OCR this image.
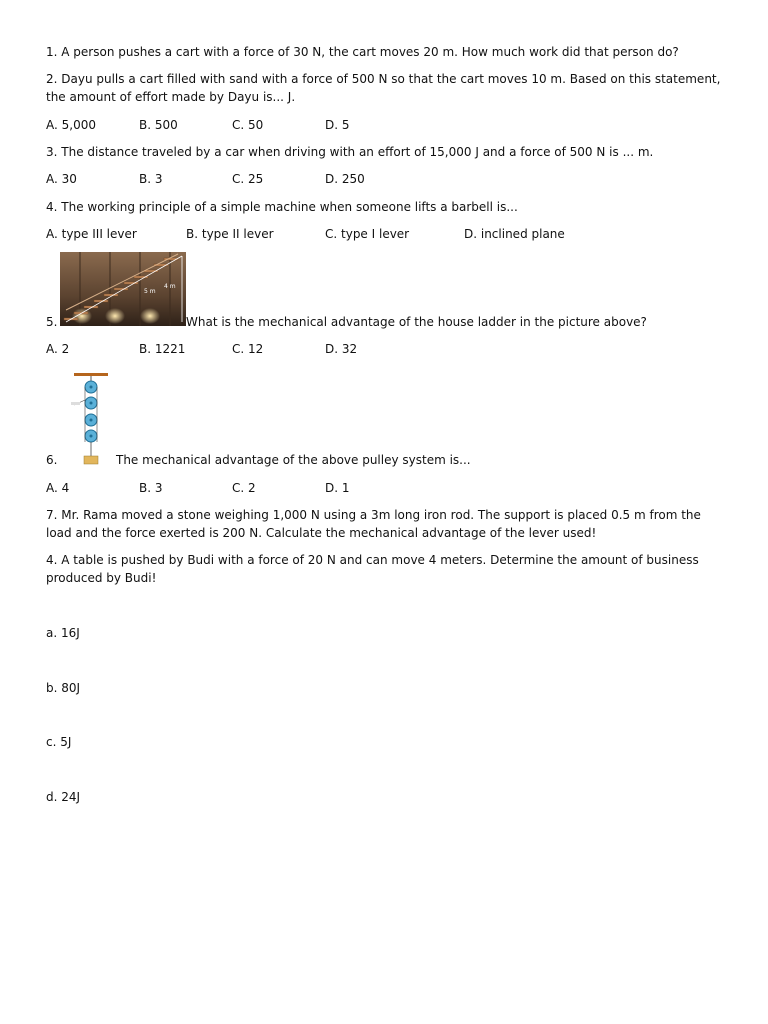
1. A person pushes a cart with a force of 30 N, the cart moves 20 m. How much work did that person do?
2. Dayu pulls a cart filled with sand with a force of 500 N so that the cart moves 10 m. Based on this statement, the amount of effort made by Dayu is... J.
A. 5,000	B. 500	C. 50	D. 5
3. The distance traveled by a car when driving with an effort of 15,000 J and a force of 500 N is ... m.
A. 30	B. 3	C. 25	D. 250
4. The working principle of a simple machine when someone lifts a barbell is...
A. type III lever	B. type II lever	C. type I lever	D. inclined plane
5 m
4 m
5.	What is the mechanical advantage of the house ladder in the picture above?
A. 2	B. 1221	C. 12	D. 32
6.	The mechanical advantage of the above pulley system is...
A. 4	B. 3	C. 2	D. 1
7. Mr. Rama moved a stone weighing 1,000 N using a 3m long iron rod. The support is placed 0.5 m from the load and the force exerted is 200 N. Calculate the mechanical advantage of the lever used!
4. A table is pushed by Budi with a force of 20 N and can move 4 meters. Determine the amount of business produced by Budi!
a. 16J
b. 80J
c. 5J
d. 24J
